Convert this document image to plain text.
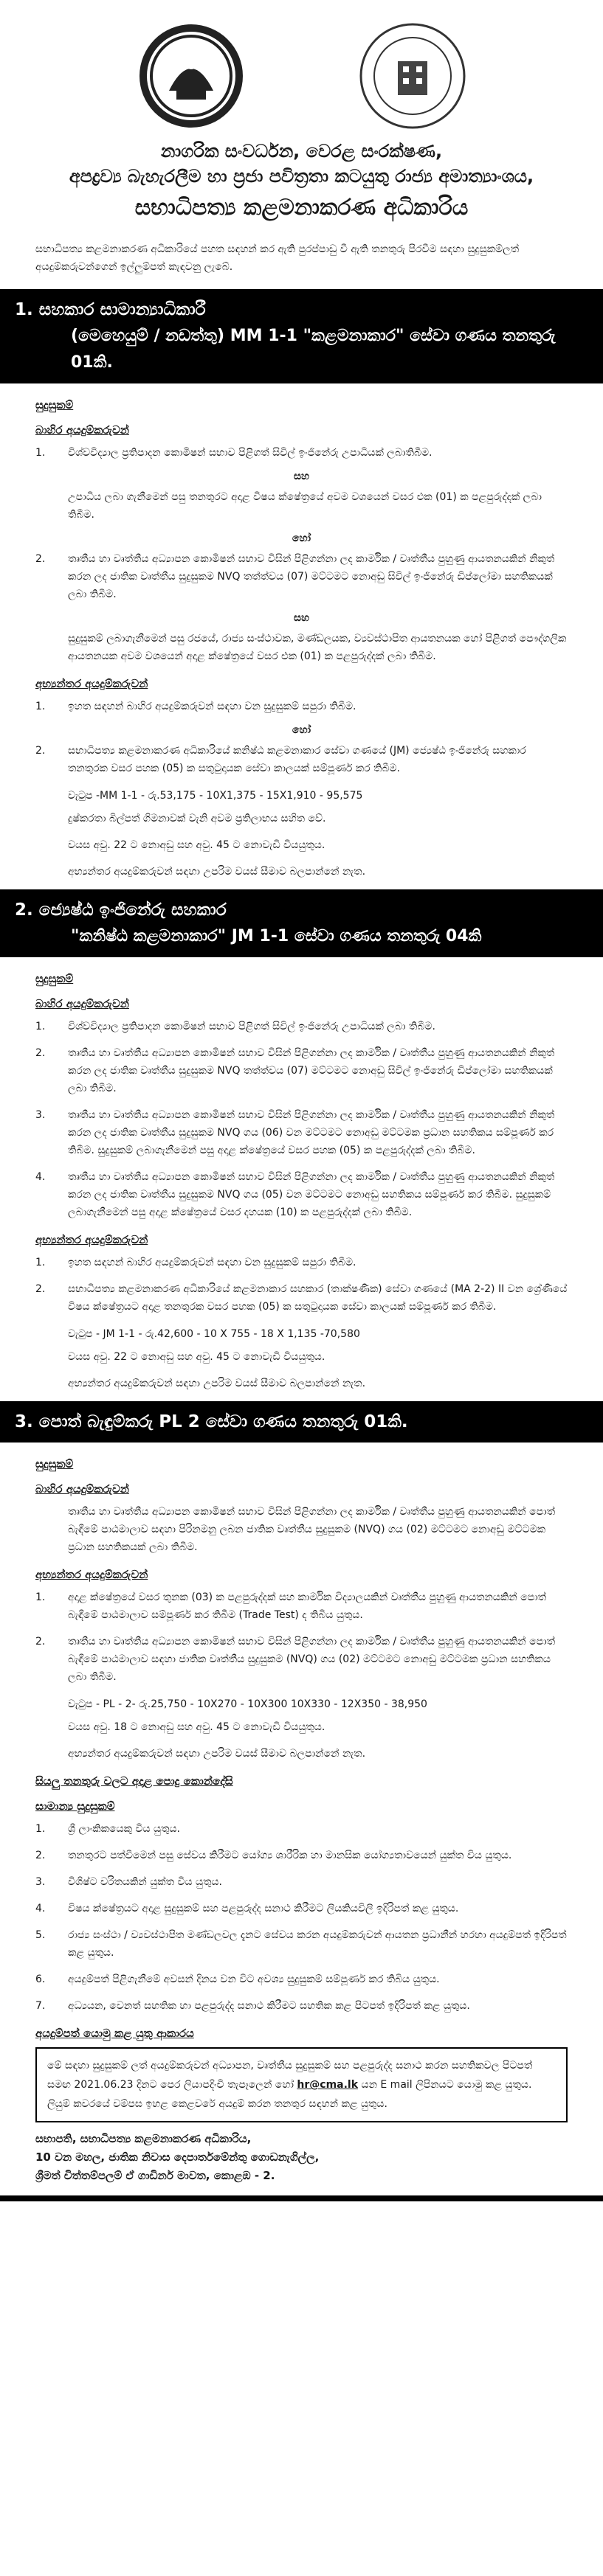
නාගරික සංවර්ධන, වෙරළ සංරක්ෂණ,

අපද්‍රව්‍ය බැහැරලීම හා ප්‍රජා පවිත්‍රතා කටයුතු රාජ්‍ය අමාත්‍යාංශය,

සභාධිපත්‍ය කළමනාකරණ අධිකාරිය

සභාධිපත්‍ය කළමනාකරණ අධිකාරියේ පහත සඳහන් කර ඇති පුරප්පාඩු වී ඇති තනතුරු පිරවීම සඳහා සුදුසුකම්ලත් අයදුම්කරුවන්ගෙන් ඉල්ලුම්පත් කැඳවනු ලැබේ.

1. සහකාර සාමාන්‍යාධිකාරී
(මෙහෙයුම් / නඩත්තු) MM 1-1 "කළමනාකාර" සේවා ගණය තනතුරු 01කි.
සුදුසුකම්
බාහිර අයදුම්කරුවන්
1.	විශ්වවිද්‍යාල ප්‍රතිපාදන කොමිෂන් සභාව පිළිගත් සිවිල් ඉංජිනේරු උපාධියක් ලබාතිබීම.
සහ
උපාධිය ලබා ගැනීමෙන් පසු තනතුරට අදාළ විෂය ක්ෂේත්‍රයේ අවම වශයෙන් වසර එක (01) ක පළපුරුද්දක් ලබා තිබීම.
හෝ
2.	තෘතීය හා වෘත්තීය අධ්‍යාපන කොමිෂන් සභාව විසින් පිළිගන්නා ලද කාර්මික / වෘත්තීය පුහුණු ආයතනයකින් නිකුත් කරන ලද ජාතික වෘත්තීය සුදුසුකම NVQ තත්ත්වය (07) මට්ටමට නොඅඩු සිවිල් ඉංජිනේරු ඩිප්ලෝමා සහතිකයක් ලබා තිබීම.
සහ
සුදුසුකම් ලබාගැනීමෙන් පසු රජයේ, රාජ්‍ය සංස්ථාවක, මණ්ඩලයක, ව්‍යවස්ථාපිත ආයතනයක හෝ පිළිගත් පෞද්ගලික ආයතනයක අවම වශයෙන් අදාළ ක්ෂේත්‍රයේ වසර එක (01) ක පළපුරුද්දක් ලබා තිබීම.
අභ්‍යන්තර අයදුම්කරුවන්
1.	ඉහත සඳහන් බාහිර අයදුම්කරුවන් සඳහා වන සුදුසුකම් සපුරා තිබීම.
හෝ
2.	සභාධිපත්‍ය කළමනාකරණ අධිකාරියේ කනිෂ්ඨ කළමනාකාර සේවා ගණයේ (JM) ජ්‍යෙෂ්ඨ ඉංජිනේරු සහකාර තනතුරක වසර පහක (05) ක සතුටුදායක සේවා කාලයක් සම්පූර්ණ කර තිබීම.
වැටුප -MM 1-1 - රු.53,175 - 10X1,375 - 15X1,910 - 95,575
දුෂ්කරතා බිල්පත් ගිමනාවක් වැනි අවම ප්‍රතිලාභය සහිත වේ.
වයස අවු. 22 ට නොඅඩු සහ අවු. 45 ට නොවැඩි වියයුතුය.
අභ්‍යන්තර අයදුම්කරුවන් සඳහා උපරිම වයස් සීමාව බලපාන්නේ නැත.
2. ජ්‍යෙෂ්ඨ ඉංජිනේරු සහකාර
"කනිෂ්ඨ කළමනාකාර" JM 1-1 සේවා ගණය තනතුරු 04කි
සුදුසුකම්
බාහිර අයදුම්කරුවන්
1.	විශ්වවිද්‍යාල ප්‍රතිපාදන කොමිෂන් සභාව පිළිගත් සිවිල් ඉංජිනේරු උපාධියක් ලබා තිබීම.
2.	තෘතීය හා වෘත්තීය අධ්‍යාපන කොමිෂන් සභාව විසින් පිළිගන්නා ලද කාර්මික / වෘත්තීය පුහුණු ආයතනයකින් නිකුත් කරන ලද ජාතික වෘත්තීය සුදුසුකම NVQ තත්ත්වය (07) මට්ටමට නොඅඩු සිවිල් ඉංජිනේරු ඩිප්ලෝමා සහතිකයක් ලබා තිබීම.
3.	තෘතීය හා වෘත්තීය අධ්‍යාපන කොමිෂන් සභාව විසින් පිළිගන්නා ලද කාර්මික / වෘත්තීය පුහුණු ආයතනයකින් නිකුත් කරන ලද ජාතික වෘත්තීය සුදුසුකම NVQ ගය (06) වන මට්ටමට නොඅඩු මට්ටමක ප්‍රධාන සහතිකය සම්පූර්ණ කර තිබීම. සුදුසුකම් ලබාගැනීමෙන් පසු අදාළ ක්ෂේත්‍රයේ වසර පහක (05) ක පළපුරුද්දක් ලබා තිබීම.
4.	තෘතීය හා වෘත්තීය අධ්‍යාපන කොමිෂන් සභාව විසින් පිළිගන්නා ලද කාර්මික / වෘත්තීය පුහුණු ආයතනයකින් නිකුත් කරන ලද ජාතික වෘත්තීය සුදුසුකම NVQ ගය (05) වන මට්ටමට නොඅඩු සහතිකය සම්පූර්ණ කර තිබීම. සුදුසුකම් ලබාගැනීමෙන් පසු අදාළ ක්ෂේත්‍රයේ වසර දහයක (10) ක පළපුරුද්දක් ලබා තිබීම.
අභ්‍යන්තර අයදුම්කරුවන්
1.	ඉහත සඳහන් බාහිර අයදුම්කරුවන් සඳහා වන සුදුසුකම් සපුරා තිබීම.
2.	සභාධිපත්‍ය කළමනාකරණ අධිකාරියේ කළමනාකාර සහකාර (තාක්ෂණික) සේවා ගණයේ (MA 2-2) II වන ශ්‍රේණියේ විෂය ක්ෂේත්‍රයට අදාළ තනතුරක වසර පහක (05) ක සතුටුදායක සේවා කාලයක් සම්පූර්ණ කර තිබීම.
වැටුප - JM 1-1 - රු.42,600 - 10 X 755 - 18 X 1,135 -70,580
වයස අවු. 22 ට නොඅඩු සහ අවු. 45 ට නොවැඩි වියයුතුය.
අභ්‍යන්තර අයදුම්කරුවන් සඳහා උපරිම වයස් සීමාව බලපාන්නේ නැත.
3. පොත් බැඳුම්කරු PL 2 සේවා ගණය තනතුරු 01කි.
සුදුසුකම්
බාහිර අයදුම්කරුවන්
තෘතීය හා වෘත්තීය අධ්‍යාපන කොමිෂන් සභාව විසින් පිළිගන්නා ලද කාර්මික / වෘත්තීය පුහුණු ආයතනයකින් පොත් බැඳීමේ පාඨමාලාව සඳහා පිරිනමනු ලබන ජාතික වෘත්තීය සුදුසුකම (NVQ) ගය (02) මට්ටමට නොඅඩු මට්ටමක ප්‍රධාන සහතිකයක් ලබා තිබීම.
අභ්‍යන්තර අයදුම්කරුවන්
1.	අදාළ ක්ෂේත්‍රයේ වසර තුනක (03) ක පළපුරුද්දක් සහ කාර්මික විද්‍යාලයකින් වෘත්තීය පුහුණු ආයතනයකින් පොත් බැඳීමේ පාඨමාලාව සම්පූර්ණ කර තිබීම (Trade Test) ද තිබිය යුතුය.
2.	තෘතීය හා වෘත්තීය අධ්‍යාපන කොමිෂන් සභාව විසින් පිළිගන්නා ලද කාර්මික / වෘත්තීය පුහුණු ආයතනයකින් පොත් බැඳීමේ පාඨමාලාව සඳහා ජාතික වෘත්තීය සුදුසුකම (NVQ) ගය (02) මට්ටමට නොඅඩු මට්ටමක ප්‍රධාන සහතිකය ලබා තිබීම.
වැටුප - PL - 2- රු.25,750 - 10X270 - 10X300 10X330 - 12X350 - 38,950
වයස අවු. 18 ට නොඅඩු සහ අවු. 45 ට නොවැඩි වියයුතුය.
අභ්‍යන්තර අයදුම්කරුවන් සඳහා උපරිම වයස් සීමාව බලපාන්නේ නැත.
සියලු තනතුරු වලට අදාළ පොදු කොන්දේසි
සාමාන්‍ය සුදුසුකම්
1.	ශ්‍රී ලාංකිකයෙකු විය යුතුය.
2.	තනතුරට පත්වීමෙන් පසු සේවය කිරීමට යෝග්‍ය ශාරීරික හා මානසික යෝග්‍යතාවයෙන් යුක්ත විය යුතුය.
3.	විශිෂ්ට චරිතයකින් යුක්ත විය යුතුය.
4.	විෂය ක්ෂේත්‍රයට අදාළ සුදුසුකම් සහ පළපුරුද්ද සනාථ කිරීමට ලියකියවිලි ඉදිරිපත් කළ යුතුය.
5.	රාජ්‍ය සංස්ථා / ව්‍යවස්ථාපිත මණ්ඩලවල දැනට සේවය කරන අයදුම්කරුවන් ආයතන ප්‍රධානීන් හරහා අයදුම්පත් ඉදිරිපත් කළ යුතුය.
6.	අයදුම්පත් පිළිගැනීමේ අවසන් දිනය වන විට අවශ්‍ය සුදුසුකම් සම්පූර්ණ කර තිබිය යුතුය.
7.	අධ්‍යයන, වෙනත් සහතික හා පළපුරුද්ද සනාථ කිරීමට සහතික කළ පිටපත් ඉදිරිපත් කළ යුතුය.
අයදුම්පත් යොමු කළ යුතු ආකාරය
මේ සඳහා සුදුසුකම් ලත් අයදුම්කරුවන් අධ්‍යාපන, වෘත්තීය සුදුසුකම් සහ පළපුරුද්ද සනාථ කරන සහතිකවල පිටපත් සමඟ 2021.06.23 දිනට පෙර ලියාපදිංචි තැපෑලෙන් හෝ hr@cma.lk යන E mail ලිපිනයට යොමු කළ යුතුය. ලියුම් කවරයේ වම්පස ඉහළ කෙළවරේ අයදුම් කරන තනතුර සඳහන් කළ යුතුය.
සභාපති, සභාධිපත්‍ය කළමනාකරණ අධිකාරිය,
10 වන මහල, ජාතික නිවාස දෙපාර්තමේන්තු ගොඩනැගිල්ල,
ශ්‍රීමත් චිත්තම්පලම් ඒ ගාඩිනර් මාවත, කොළඹ - 2.
